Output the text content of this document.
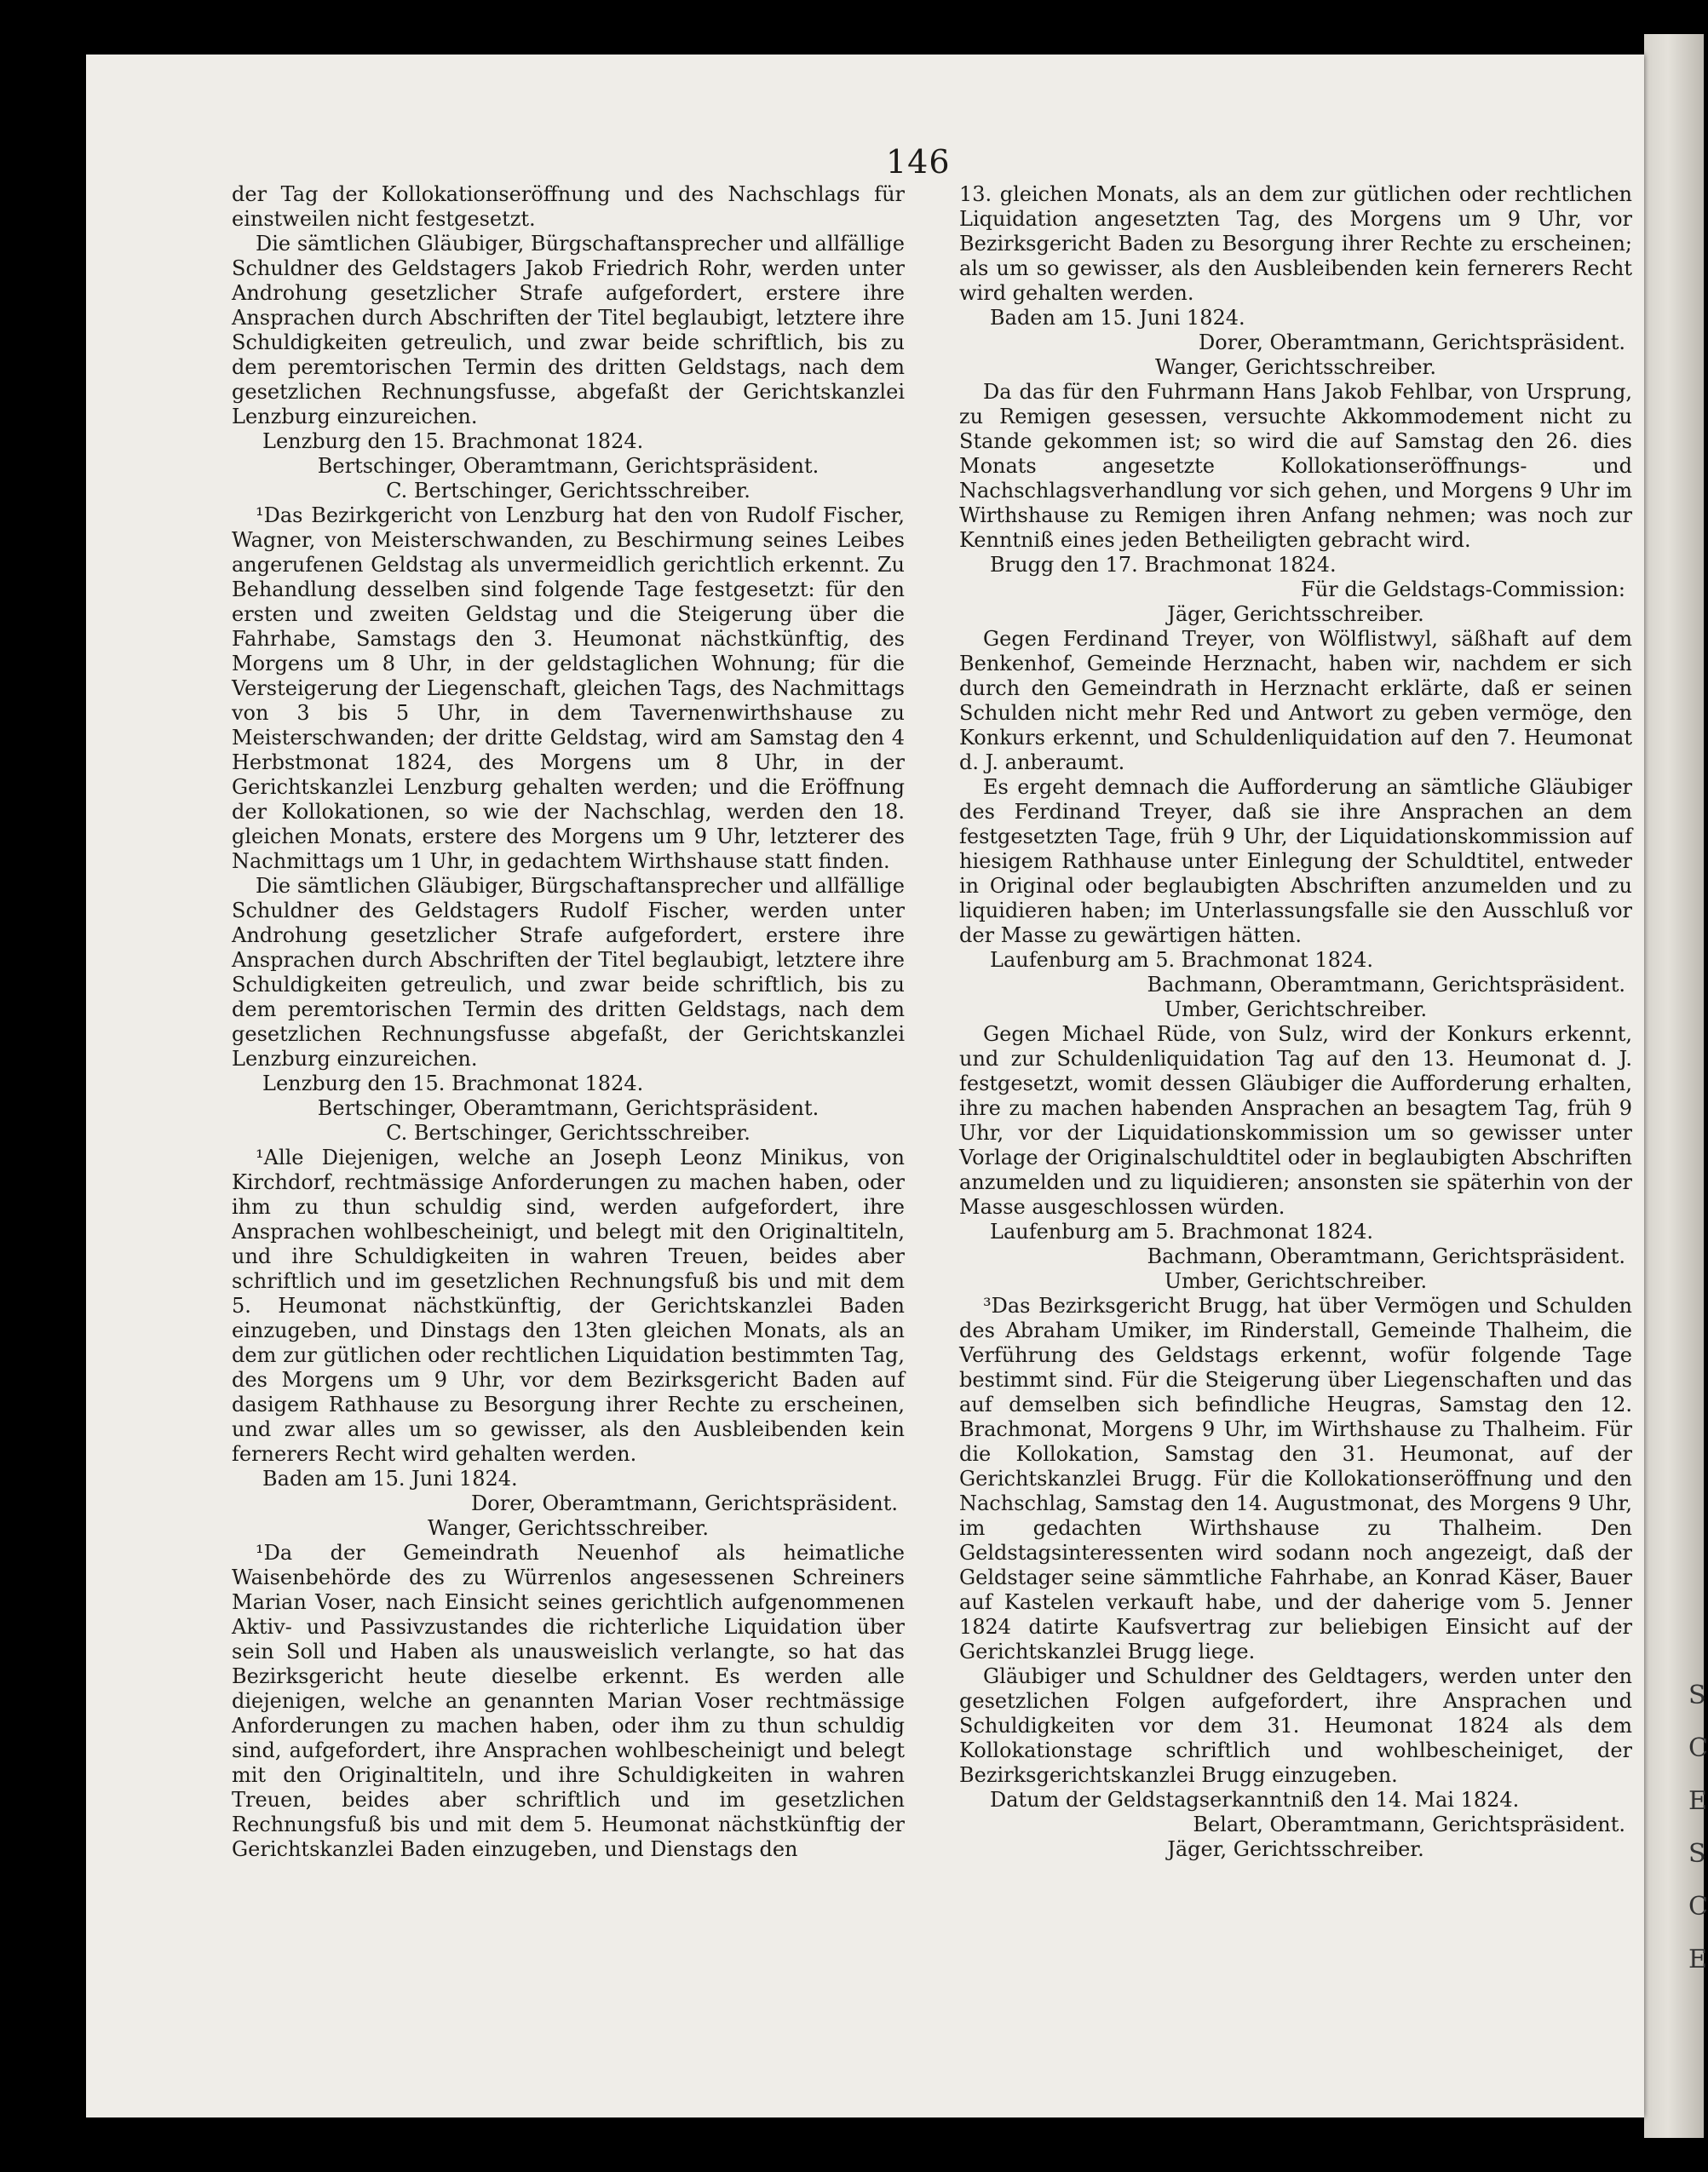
S C E S C E
146

der Tag der Kollokationseröffnung und des Nachschlags für einstweilen nicht festgesetzt.

Die sämtlichen Gläubiger, Bürgschaftansprecher und allfällige Schuldner des Geldstagers Jakob Friedrich Rohr, werden unter Androhung gesetzlicher Strafe aufgefordert, erstere ihre Ansprachen durch Abschriften der Titel beglaubigt, letztere ihre Schuldigkeiten getreulich, und zwar beide schriftlich, bis zu dem peremtorischen Termin des dritten Geldstags, nach dem gesetzlichen Rechnungsfusse, abgefaßt der Gerichtskanzlei Lenzburg einzureichen.

Lenzburg den 15. Brachmonat 1824.

Bertschinger, Oberamtmann, Gerichtspräsident.

C. Bertschinger, Gerichtsschreiber.

¹Das Bezirkgericht von Lenzburg hat den von Rudolf Fischer, Wagner, von Meisterschwanden, zu Beschirmung seines Leibes angerufenen Geldstag als unvermeidlich gerichtlich erkennt. Zu Behandlung desselben sind folgende Tage festgesetzt: für den ersten und zweiten Geldstag und die Steigerung über die Fahrhabe, Samstags den 3. Heumonat nächstkünftig, des Morgens um 8 Uhr, in der geldstaglichen Wohnung; für die Versteigerung der Liegenschaft, gleichen Tags, des Nachmittags von 3 bis 5 Uhr, in dem Tavernenwirthshause zu Meisterschwanden; der dritte Geldstag, wird am Samstag den 4 Herbstmonat 1824, des Morgens um 8 Uhr, in der Gerichtskanzlei Lenzburg gehalten werden; und die Eröffnung der Kollokationen, so wie der Nachschlag, werden den 18. gleichen Monats, erstere des Morgens um 9 Uhr, letzterer des Nachmittags um 1 Uhr, in gedachtem Wirthshause statt finden.

Die sämtlichen Gläubiger, Bürgschaftansprecher und allfällige Schuldner des Geldstagers Rudolf Fischer, werden unter Androhung gesetzlicher Strafe aufgefordert, erstere ihre Ansprachen durch Abschriften der Titel beglaubigt, letztere ihre Schuldigkeiten getreulich, und zwar beide schriftlich, bis zu dem peremtorischen Termin des dritten Geldstags, nach dem gesetzlichen Rechnungsfusse abgefaßt, der Gerichtskanzlei Lenzburg einzureichen.

Lenzburg den 15. Brachmonat 1824.

Bertschinger, Oberamtmann, Gerichtspräsident.

C. Bertschinger, Gerichtsschreiber.

¹Alle Diejenigen, welche an Joseph Leonz Minikus, von Kirchdorf, rechtmässige Anforderungen zu machen haben, oder ihm zu thun schuldig sind, werden aufgefordert, ihre Ansprachen wohlbescheinigt, und belegt mit den Originaltiteln, und ihre Schuldigkeiten in wahren Treuen, beides aber schriftlich und im gesetzlichen Rechnungsfuß bis und mit dem 5. Heumonat nächstkünftig, der Gerichtskanzlei Baden einzugeben, und Dinstags den 13ten gleichen Monats, als an dem zur gütlichen oder rechtlichen Liquidation bestimmten Tag, des Morgens um 9 Uhr, vor dem Bezirksgericht Baden auf dasigem Rathhause zu Besorgung ihrer Rechte zu erscheinen, und zwar alles um so gewisser, als den Ausbleibenden kein fernerers Recht wird gehalten werden.

Baden am 15. Juni 1824.

Dorer, Oberamtmann, Gerichtspräsident.

Wanger, Gerichtsschreiber.

¹Da der Gemeindrath Neuenhof als heimatliche Waisenbehörde des zu Würrenlos angesessenen Schreiners Marian Voser, nach Einsicht seines gerichtlich aufgenommenen Aktiv- und Passivzustandes die richterliche Liquidation über sein Soll und Haben als unausweislich verlangte, so hat das Bezirksgericht heute dieselbe erkennt. Es werden alle diejenigen, welche an genannten Marian Voser rechtmässige Anforderungen zu machen haben, oder ihm zu thun schuldig sind, aufgefordert, ihre Ansprachen wohlbescheinigt und belegt mit den Originaltiteln, und ihre Schuldigkeiten in wahren Treuen, beides aber schriftlich und im gesetzlichen Rechnungsfuß bis und mit dem 5. Heumonat nächstkünftig der Gerichtskanzlei Baden einzugeben, und Dienstags den

13. gleichen Monats, als an dem zur gütlichen oder rechtlichen Liquidation angesetzten Tag, des Morgens um 9 Uhr, vor Bezirksgericht Baden zu Besorgung ihrer Rechte zu erscheinen; als um so gewisser, als den Ausbleibenden kein fernerers Recht wird gehalten werden.

Baden am 15. Juni 1824.

Dorer, Oberamtmann, Gerichtspräsident.

Wanger, Gerichtsschreiber.

Da das für den Fuhrmann Hans Jakob Fehlbar, von Ursprung, zu Remigen gesessen, versuchte Akkommodement nicht zu Stande gekommen ist; so wird die auf Samstag den 26. dies Monats angesetzte Kollokationseröffnungs- und Nachschlagsverhandlung vor sich gehen, und Morgens 9 Uhr im Wirthshause zu Remigen ihren Anfang nehmen; was noch zur Kenntniß eines jeden Betheiligten gebracht wird.

Brugg den 17. Brachmonat 1824.

Für die Geldstags-Commission:

Jäger, Gerichtsschreiber.

Gegen Ferdinand Treyer, von Wölflistwyl, säßhaft auf dem Benkenhof, Gemeinde Herznacht, haben wir, nachdem er sich durch den Gemeindrath in Herznacht erklärte, daß er seinen Schulden nicht mehr Red und Antwort zu geben vermöge, den Konkurs erkennt, und Schuldenliquidation auf den 7. Heumonat d. J. anberaumt.

Es ergeht demnach die Aufforderung an sämtliche Gläubiger des Ferdinand Treyer, daß sie ihre Ansprachen an dem festgesetzten Tage, früh 9 Uhr, der Liquidationskommission auf hiesigem Rathhause unter Einlegung der Schuldtitel, entweder in Original oder beglaubigten Abschriften anzumelden und zu liquidieren haben; im Unterlassungsfalle sie den Ausschluß vor der Masse zu gewärtigen hätten.

Laufenburg am 5. Brachmonat 1824.

Bachmann, Oberamtmann, Gerichtspräsident.

Umber, Gerichtschreiber.

Gegen Michael Rüde, von Sulz, wird der Konkurs erkennt, und zur Schuldenliquidation Tag auf den 13. Heumonat d. J. festgesetzt, womit dessen Gläubiger die Aufforderung erhalten, ihre zu machen habenden Ansprachen an besagtem Tag, früh 9 Uhr, vor der Liquidationskommission um so gewisser unter Vorlage der Originalschuldtitel oder in beglaubigten Abschriften anzumelden und zu liquidieren; ansonsten sie späterhin von der Masse ausgeschlossen würden.

Laufenburg am 5. Brachmonat 1824.

Bachmann, Oberamtmann, Gerichtspräsident.

Umber, Gerichtschreiber.

³Das Bezirksgericht Brugg, hat über Vermögen und Schulden des Abraham Umiker, im Rinderstall, Gemeinde Thalheim, die Verführung des Geldstags erkennt, wofür folgende Tage bestimmt sind. Für die Steigerung über Liegenschaften und das auf demselben sich befindliche Heugras, Samstag den 12. Brachmonat, Morgens 9 Uhr, im Wirthshause zu Thalheim. Für die Kollokation, Samstag den 31. Heumonat, auf der Gerichtskanzlei Brugg. Für die Kollokationseröffnung und den Nachschlag, Samstag den 14. Augustmonat, des Morgens 9 Uhr, im gedachten Wirthshause zu Thalheim. Den Geldstagsinteressenten wird sodann noch angezeigt, daß der Geldstager seine sämmtliche Fahrhabe, an Konrad Käser, Bauer auf Kastelen verkauft habe, und der daherige vom 5. Jenner 1824 datirte Kaufsvertrag zur beliebigen Einsicht auf der Gerichtskanzlei Brugg liege.

Gläubiger und Schuldner des Geldtagers, werden unter den gesetzlichen Folgen aufgefordert, ihre Ansprachen und Schuldigkeiten vor dem 31. Heumonat 1824 als dem Kollokationstage schriftlich und wohlbescheiniget, der Bezirksgerichtskanzlei Brugg einzugeben.

Datum der Geldstagserkanntniß den 14. Mai 1824.

Belart, Oberamtmann, Gerichtspräsident.

Jäger, Gerichtsschreiber.
